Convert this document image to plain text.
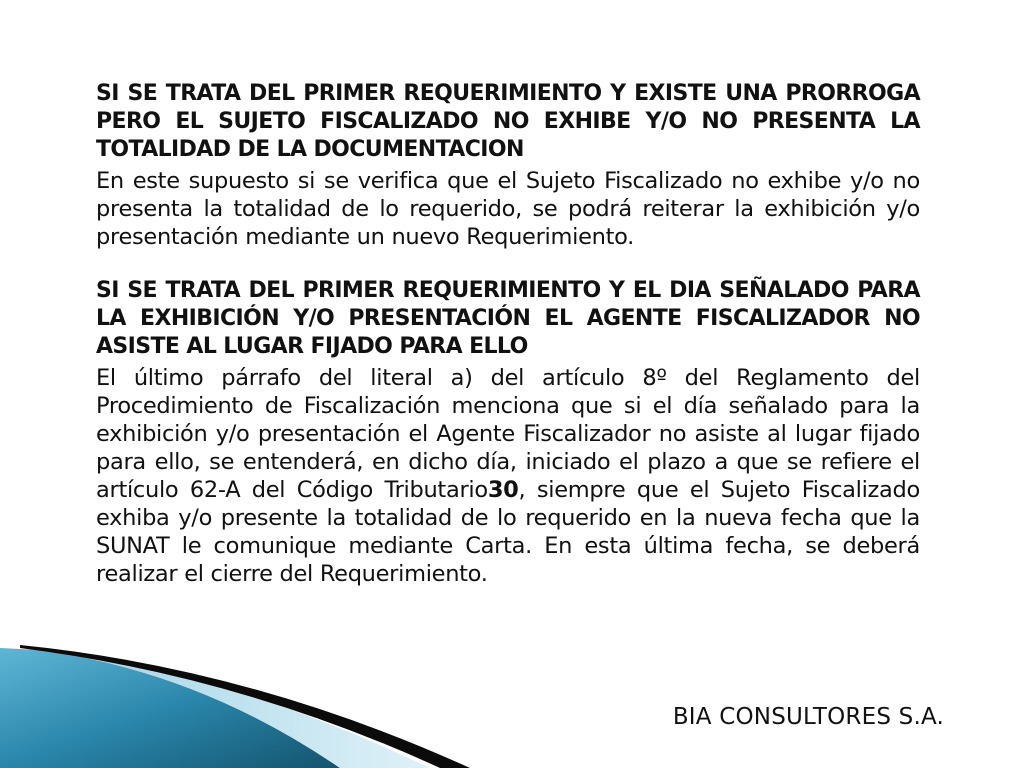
SI SE TRATA DEL PRIMER REQUERIMIENTO Y EXISTE UNA PRORROGA PERO EL SUJETO FISCALIZADO NO EXHIBE Y/O NO PRESENTA LA TOTALIDAD DE LA DOCUMENTACION

En este supuesto si se verifica que el Sujeto Fiscalizado no exhibe y/o no presenta la totalidad de lo requerido, se podrá reiterar la exhibición y/o presentación mediante un nuevo Requerimiento.

SI SE TRATA DEL PRIMER REQUERIMIENTO Y EL DIA SEÑALADO PARA LA EXHIBICIÓN Y/O PRESENTACIÓN EL AGENTE FISCALIZADOR NO ASISTE AL LUGAR FIJADO PARA ELLO

El último párrafo del literal a) del artículo 8º del Reglamento del Procedimiento de Fiscalización menciona que si el día señalado para la exhibición y/o presentación el Agente Fiscalizador no asiste al lugar fijado para ello, se entenderá, en dicho día, iniciado el plazo a que se refiere el artículo 62-A del Código Tributario30, siempre que el Sujeto Fiscalizado exhiba y/o presente la totalidad de lo requerido en la nueva fecha que la SUNAT le comunique mediante Carta. En esta última fecha, se deberá realizar el cierre del Requerimiento.

BIA CONSULTORES S.A.
